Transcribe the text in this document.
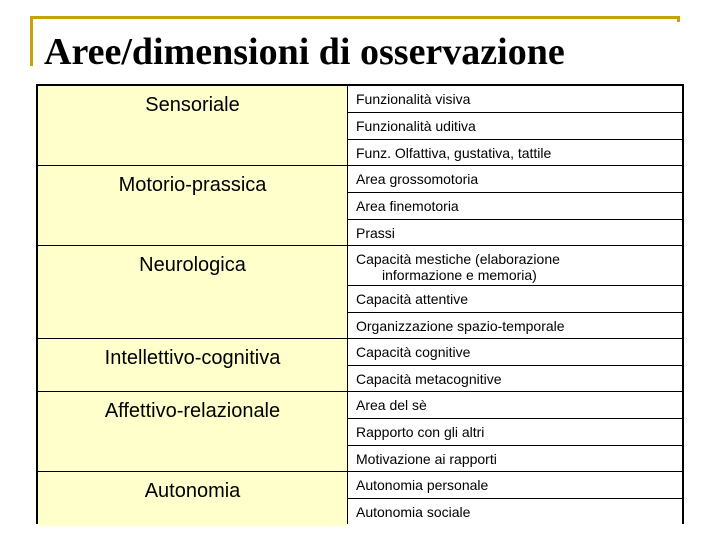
Aree/dimensioni di osservazione
Sensoriale
Motorio-prassica
Neurologica
Intellettivo-cognitiva
Affettivo-relazionale
Autonomia
Funzionalità visiva
Funzionalità uditiva
Funz. Olfattiva, gustativa, tattile
Area grossomotoria
Area finemotoria
Prassi
Capacità mestiche (elaborazione
informazione e memoria)
Capacità attentive
Organizzazione spazio-temporale
Capacità cognitive
Capacità metacognitive
Area del sè
Rapporto con gli altri
Motivazione ai rapporti
Autonomia personale
Autonomia sociale
